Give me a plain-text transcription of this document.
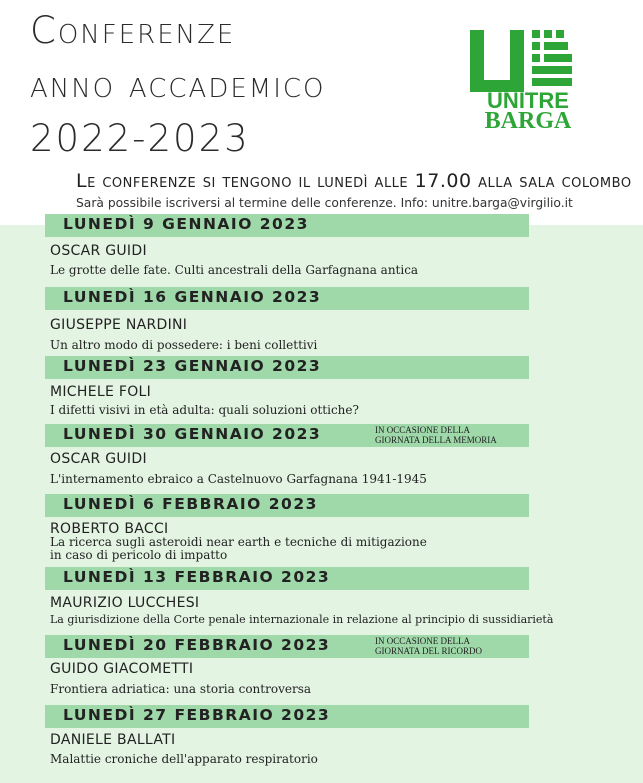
Conferenze
anno accademico
2022-2023
UNITRE
BARGA
Le conferenze si tengono il lunedì alle 17.00 alla sala colombo
Sarà possibile iscriversi al termine delle conferenze. Info: unitre.barga@virgilio.it
LUNEDÌ 9 GENNAIO 2023
OSCAR GUIDI
Le grotte delle fate. Culti ancestrali della Garfagnana antica
LUNEDÌ 16 GENNAIO 2023
GIUSEPPE NARDINI
Un altro modo di possedere: i beni collettivi
LUNEDÌ 23 GENNAIO 2023
MICHELE FOLI
I difetti visivi in età adulta: quali soluzioni ottiche?
LUNEDÌ 30 GENNAIO 2023	IN OCCASIONE DELLA
GIORNATA DELLA MEMORIA
OSCAR GUIDI
L'internamento ebraico a Castelnuovo Garfagnana 1941-1945
LUNEDÌ 6 FEBBRAIO 2023
ROBERTO BACCI
La ricerca sugli asteroidi near earth e tecniche di mitigazione
in caso di pericolo di impatto
LUNEDÌ 13 FEBBRAIO 2023
MAURIZIO LUCCHESI
La giurisdizione della Corte penale internazionale in relazione al principio di sussidiarietà
LUNEDÌ 20 FEBBRAIO 2023	IN OCCASIONE DELLA
GIORNATA DEL RICORDO
GUIDO GIACOMETTI
Frontiera adriatica: una storia controversa
LUNEDÌ 27 FEBBRAIO 2023
DANIELE BALLATI
Malattie croniche dell'apparato respiratorio
